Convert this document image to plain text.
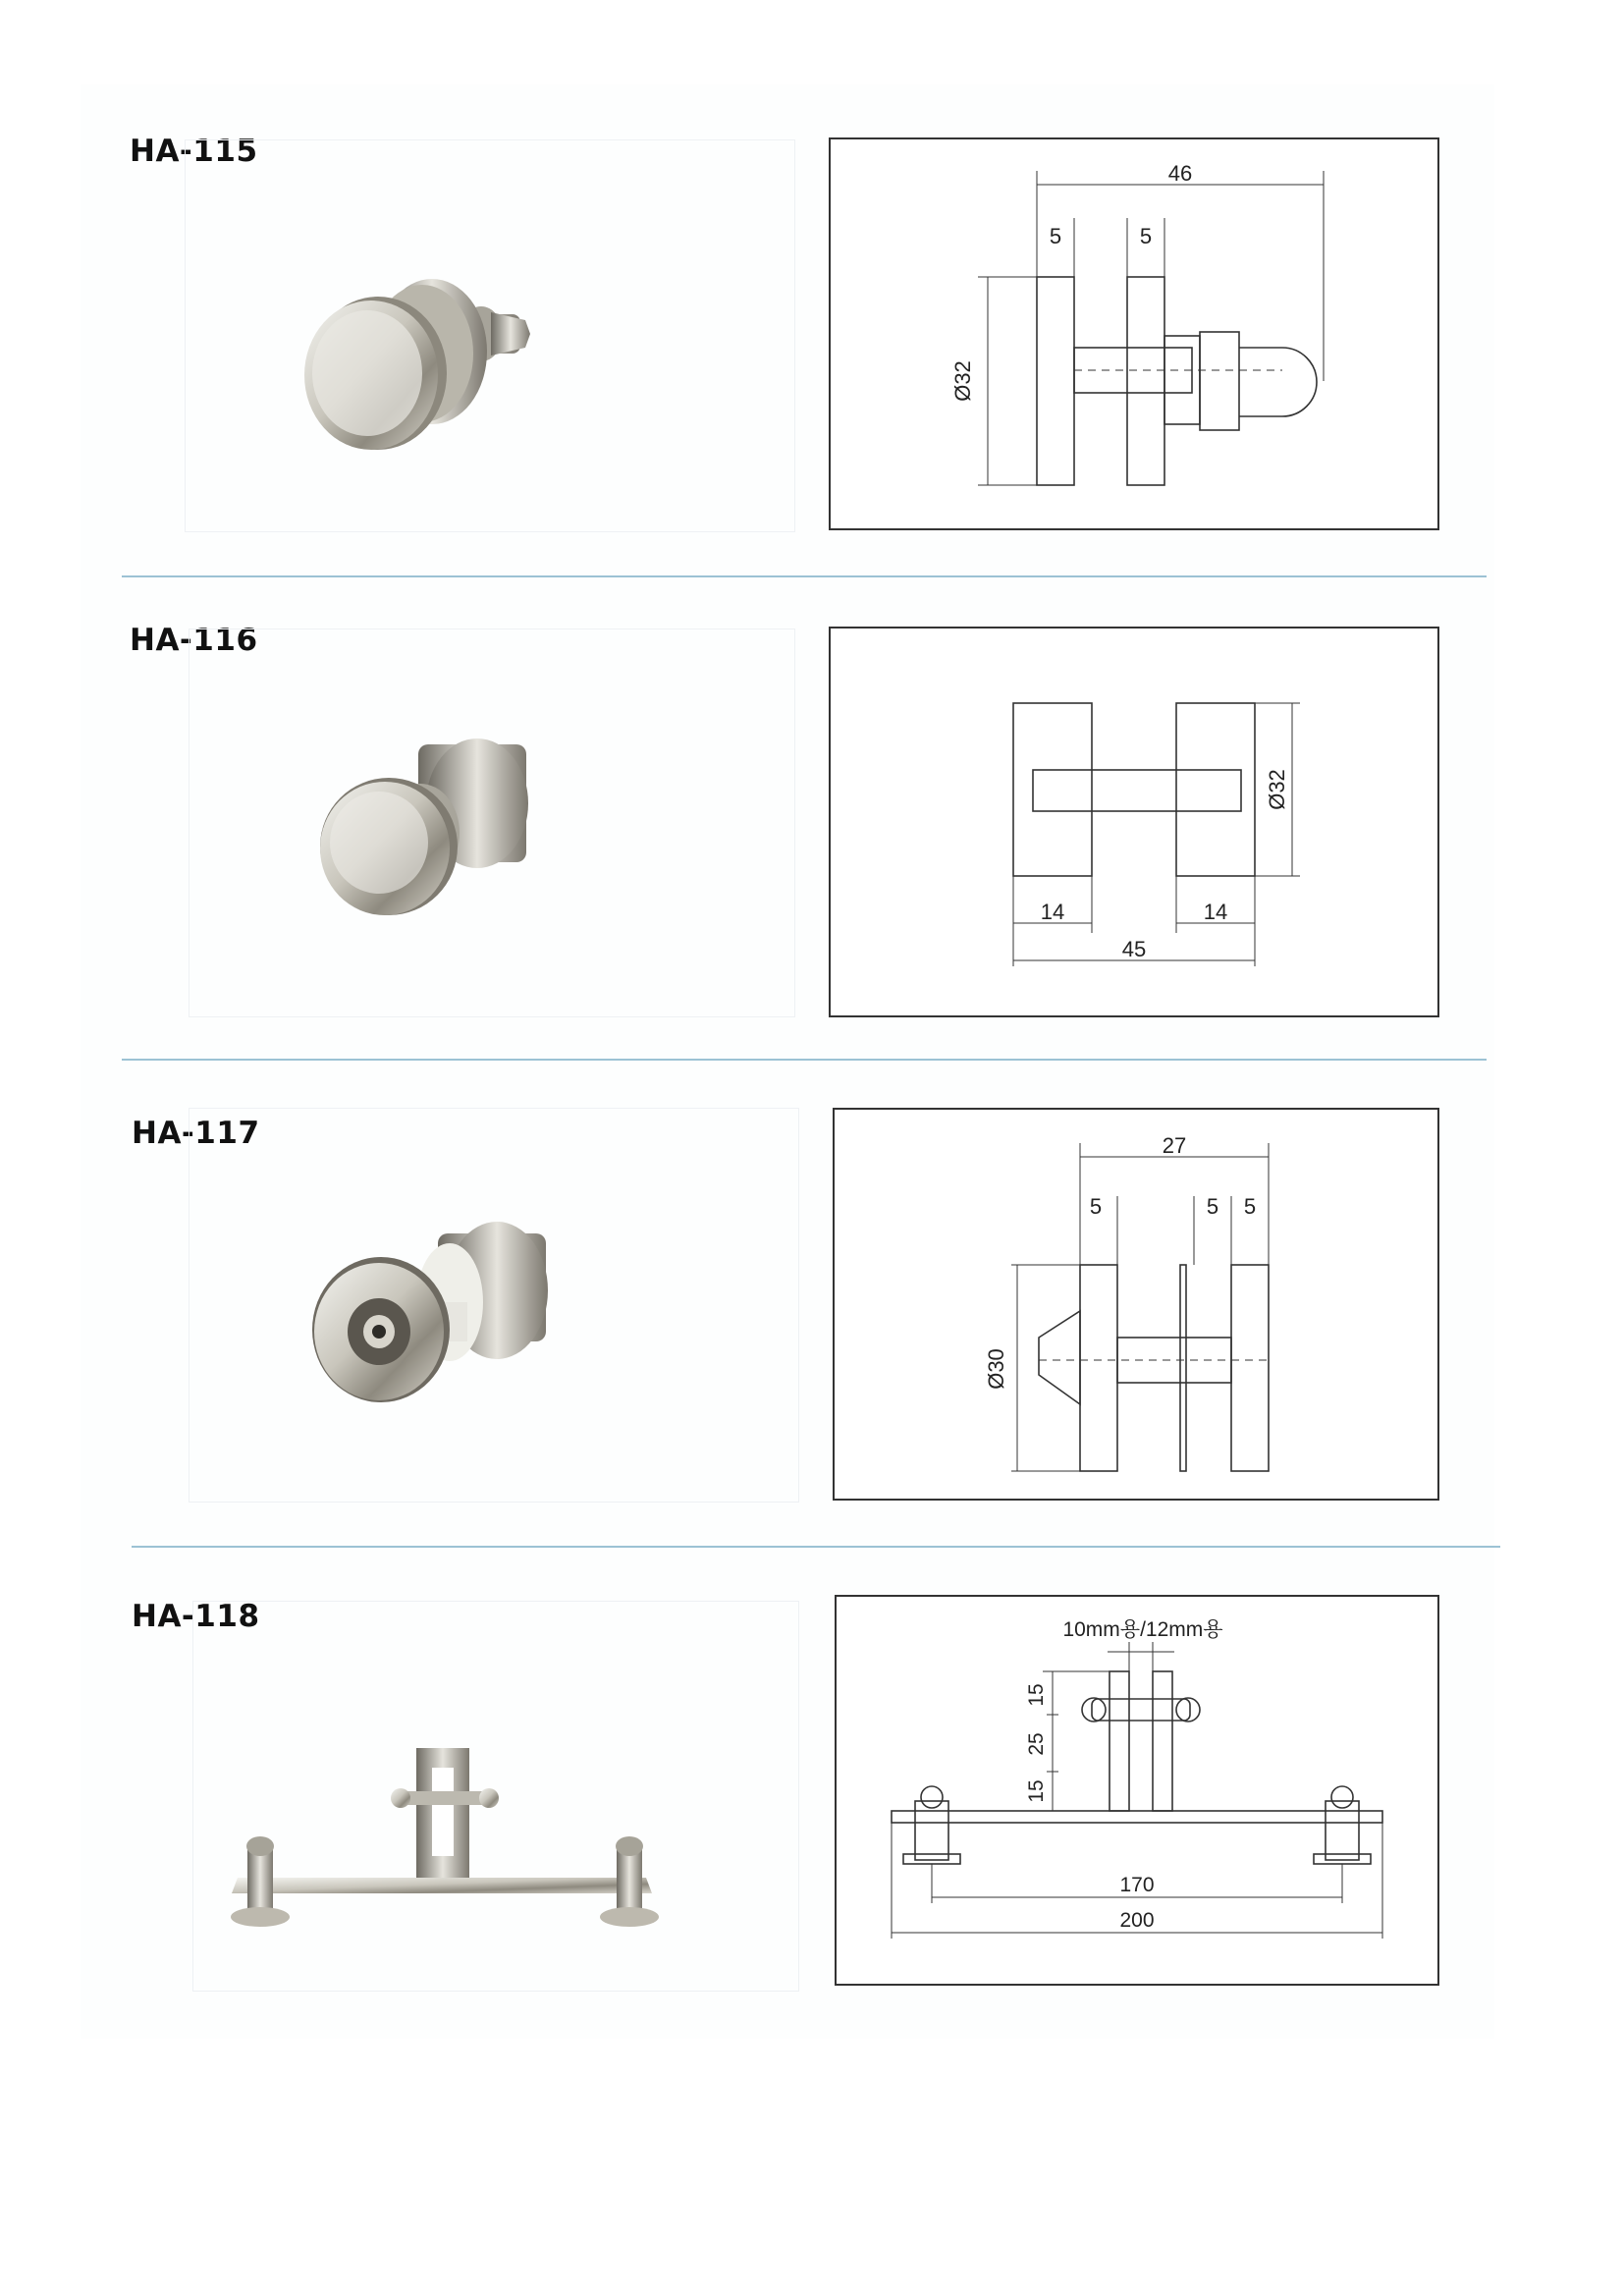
HA-115
46
5	5
Ø32
HA-116
Ø32
14	14
45
HA-117	27
5	5 5
Ø30
HA-118	10mm용/12mm용
15
25
15
170
200
